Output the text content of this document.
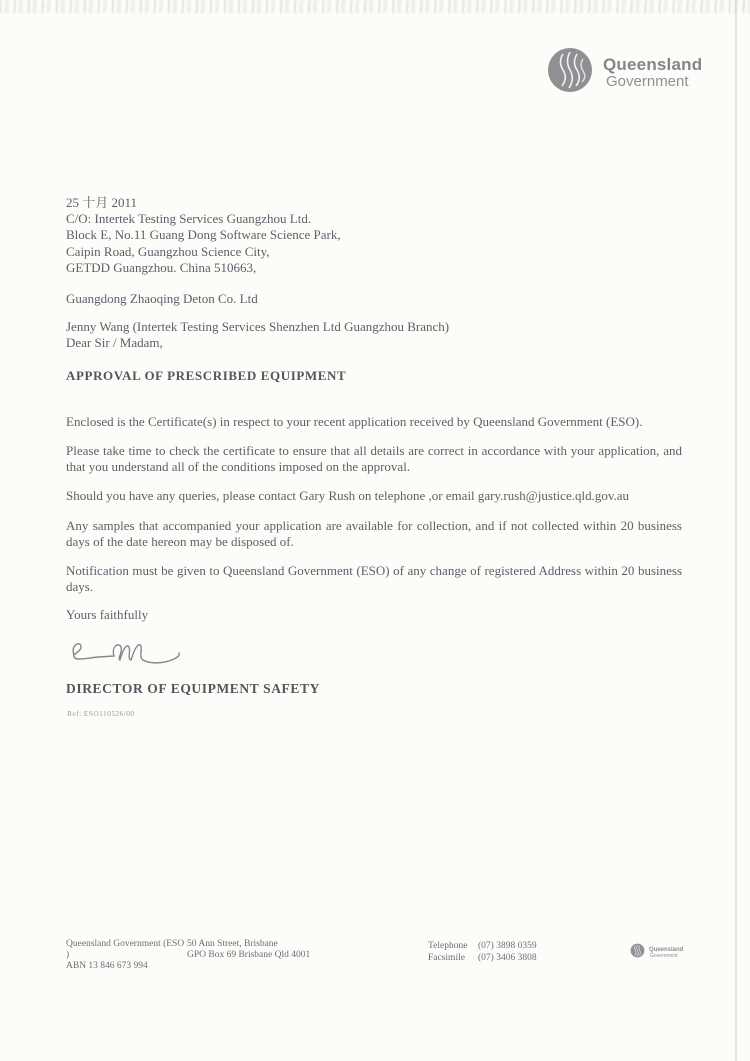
Queensland
Government
25 十月 2011
C/O: Intertek Testing Services Guangzhou Ltd.
Block E, No.11 Guang Dong Software Science Park,
Caipin Road, Guangzhou Science City,
GETDD Guangzhou. China 510663,
Guangdong Zhaoqing Deton Co. Ltd
Jenny Wang (Intertek Testing Services Shenzhen Ltd Guangzhou Branch)
Dear Sir / Madam,
APPROVAL OF PRESCRIBED EQUIPMENT

Enclosed is the Certificate(s) in respect to your recent application received by Queensland Government (ESO).

Please take time to check the certificate to ensure that all details are correct in accordance with your application, and that you understand all of the conditions imposed on the approval.

Should you have any queries, please contact Gary Rush on telephone ,or email gary.rush@justice.qld.gov.au

Any samples that accompanied your application are available for collection, and if not collected within 20 business days of the date hereon may be disposed of.

Notification must be given to Queensland Government (ESO) of any change of registered Address within 20 business days.

Yours faithfully
DIRECTOR OF EQUIPMENT SAFETY
Ref: ESO110526/00
Queensland Government (ESO 50 Ann Street, Brisbane
)	GPO Box 69 Brisbane Qld 4001
ABN 13 846 673 994
Telephone	(07) 3898 0359
Facsimile	(07) 3406 3808
Queensland
Government
